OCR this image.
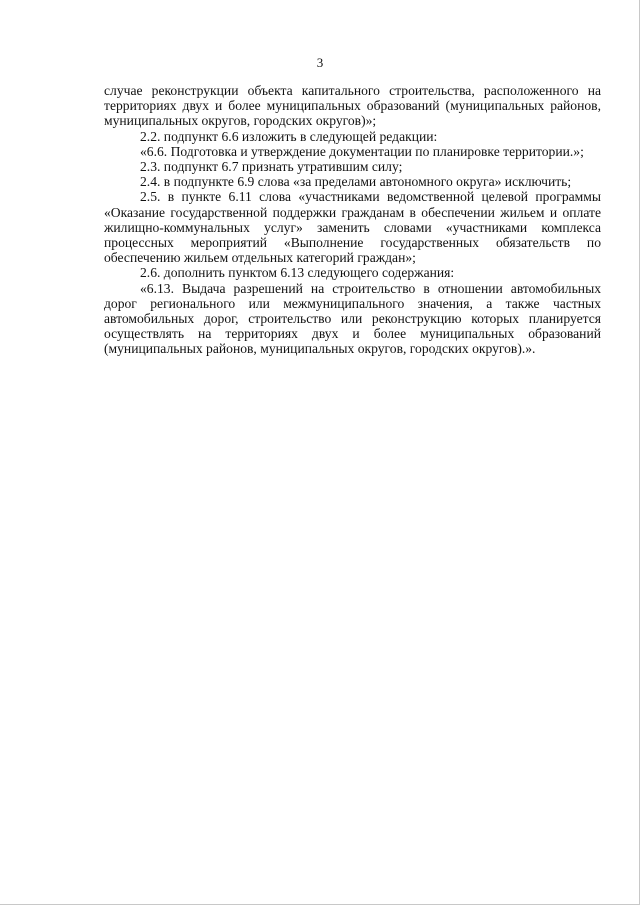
3

случае реконструкции объекта капитального строительства, расположенного на территориях двух и более муниципальных образований (муниципальных районов, муниципальных округов, городских округов)»;

2.2. подпункт 6.6 изложить в следующей редакции:

«6.6. Подготовка и утверждение документации по планировке территории.»;

2.3. подпункт 6.7 признать утратившим силу;

2.4. в подпункте 6.9 слова «за пределами автономного округа» исключить;

2.5. в пункте 6.11 слова «участниками ведомственной целевой программы «Оказание государственной поддержки гражданам в обеспечении жильем и оплате жилищно-коммунальных услуг» заменить словами «участниками комплекса процессных мероприятий «Выполнение государственных обязательств по обеспечению жильем отдельных категорий граждан»;

2.6. дополнить пунктом 6.13 следующего содержания:

«6.13. Выдача разрешений на строительство в отношении автомобильных дорог регионального или межмуниципального значения, а также частных автомобильных дорог, строительство или реконструкцию которых планируется осуществлять на территориях двух и более муниципальных образований (муниципальных районов, муниципальных округов, городских округов).».
